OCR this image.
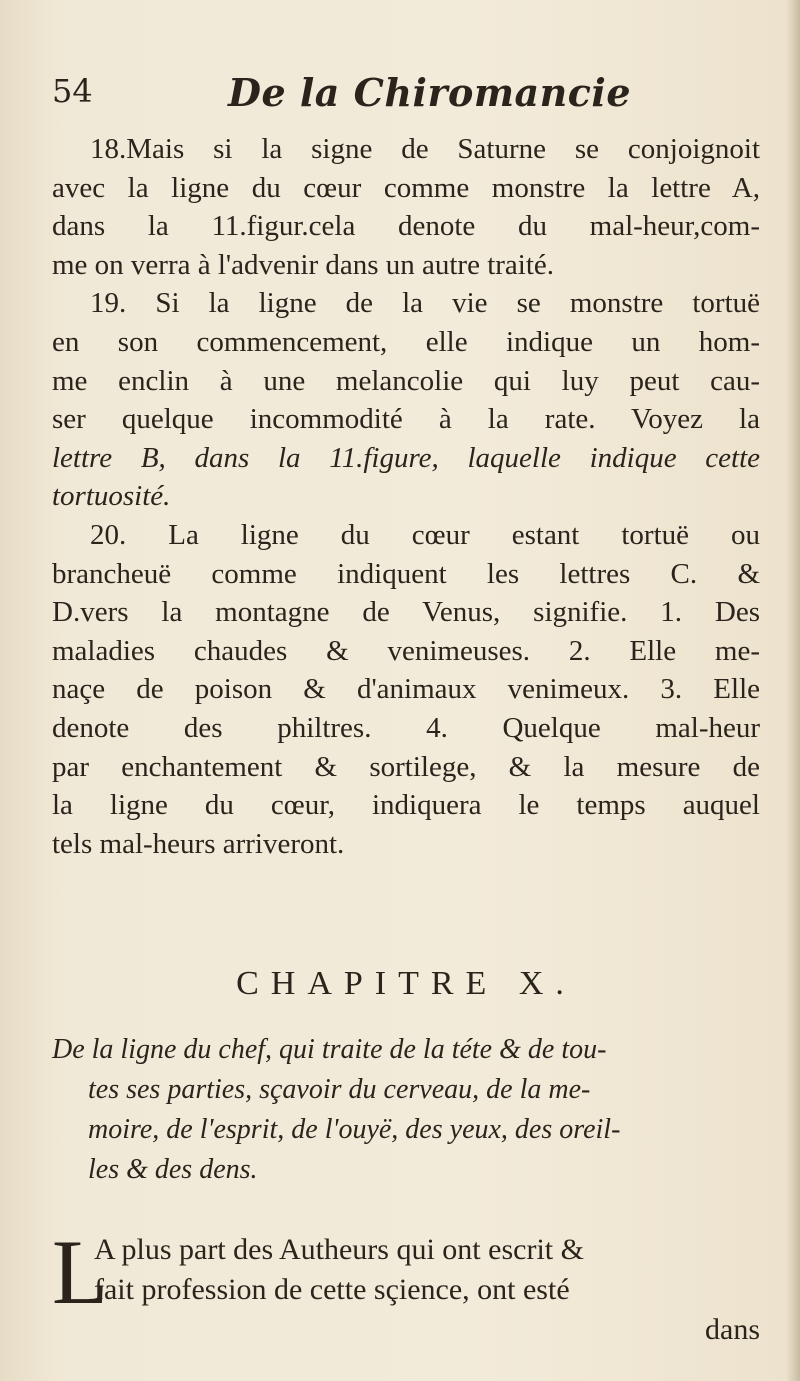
54	De la Chiromancie
18.Mais si la signe de Saturne se conjoignoit
avec la ligne du cœur comme monstre la lettre A,
dans la 11.figur.cela denote du mal-heur,com-
me on verra à l'advenir dans un autre traité.
19. Si la ligne de la vie se monstre tortuë
en son commencement, elle indique un hom-
me enclin à une melancolie qui luy peut cau-
ser quelque incommodité à la rate. Voyez la
lettre B, dans la 11.figure, laquelle indique cette
tortuosité.
20. La ligne du cœur estant tortuë ou
brancheuë comme indiquent les lettres C. &
D.vers la montagne de Venus, signifie. 1. Des
maladies chaudes & venimeuses. 2. Elle me-
naçe de poison & d'animaux venimeux. 3. Elle
denote des philtres. 4. Quelque mal-heur
par enchantement & sortilege, & la mesure de
la ligne du cœur, indiquera le temps auquel
tels mal-heurs arriveront.
CHAPITRE X.
De la ligne du chef, qui traite de la téte & de tou-
tes ses parties, sçavoir du cerveau, de la me-
moire, de l'esprit, de l'ouyë, des yeux, des oreil-
les & des dens.
L
A plus part des Autheurs qui ont escrit &
fait profession de cette sçience, ont esté
dans
